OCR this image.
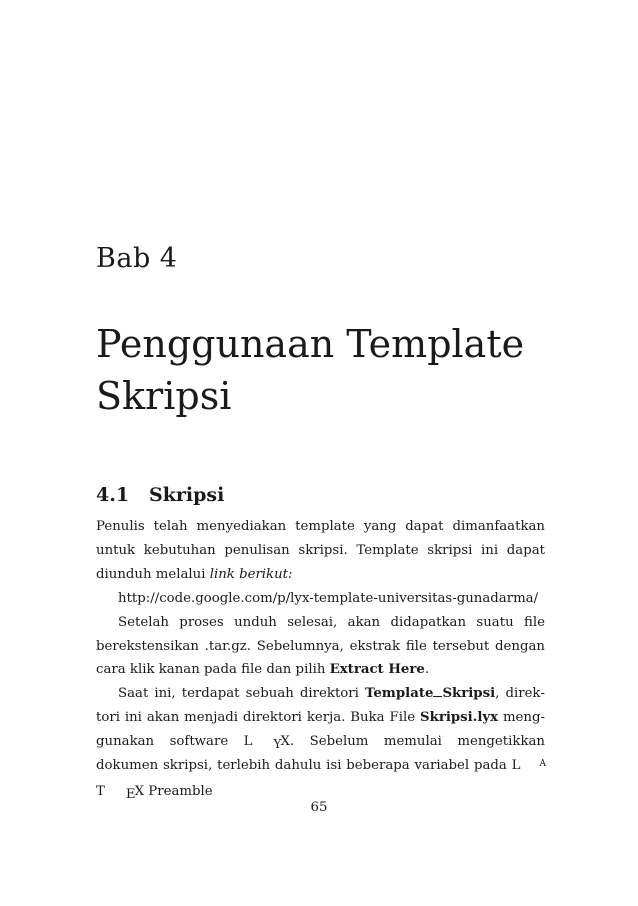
Bab 4
Penggunaan Template
Skripsi
4.1 Skripsi

Penulis telah menyediakan template yang dapat dimanfaatkan untuk kebutuhan penulisan skripsi. Template skripsi ini dapat diunduh melalui link berikut:

http://code.google.com/p/lyx-template-universitas-gunadarma/

Setelah proses unduh selesai, akan didapatkan suatu file berekstensikan .tar.gz. Sebelumnya, ekstrak file tersebut dengan cara klik kanan pada file dan pilih Extract Here.

Saat ini, terdapat sebuah direktori Template Skripsi, direktori ini akan menjadi direktori kerja. Buka File Skripsi.lyx menggunakan software L YX. Sebelum memulai mengetikkan dokumen skripsi, terlebih dahulu isi beberapa variabel pada L AT EX Preamble

65
